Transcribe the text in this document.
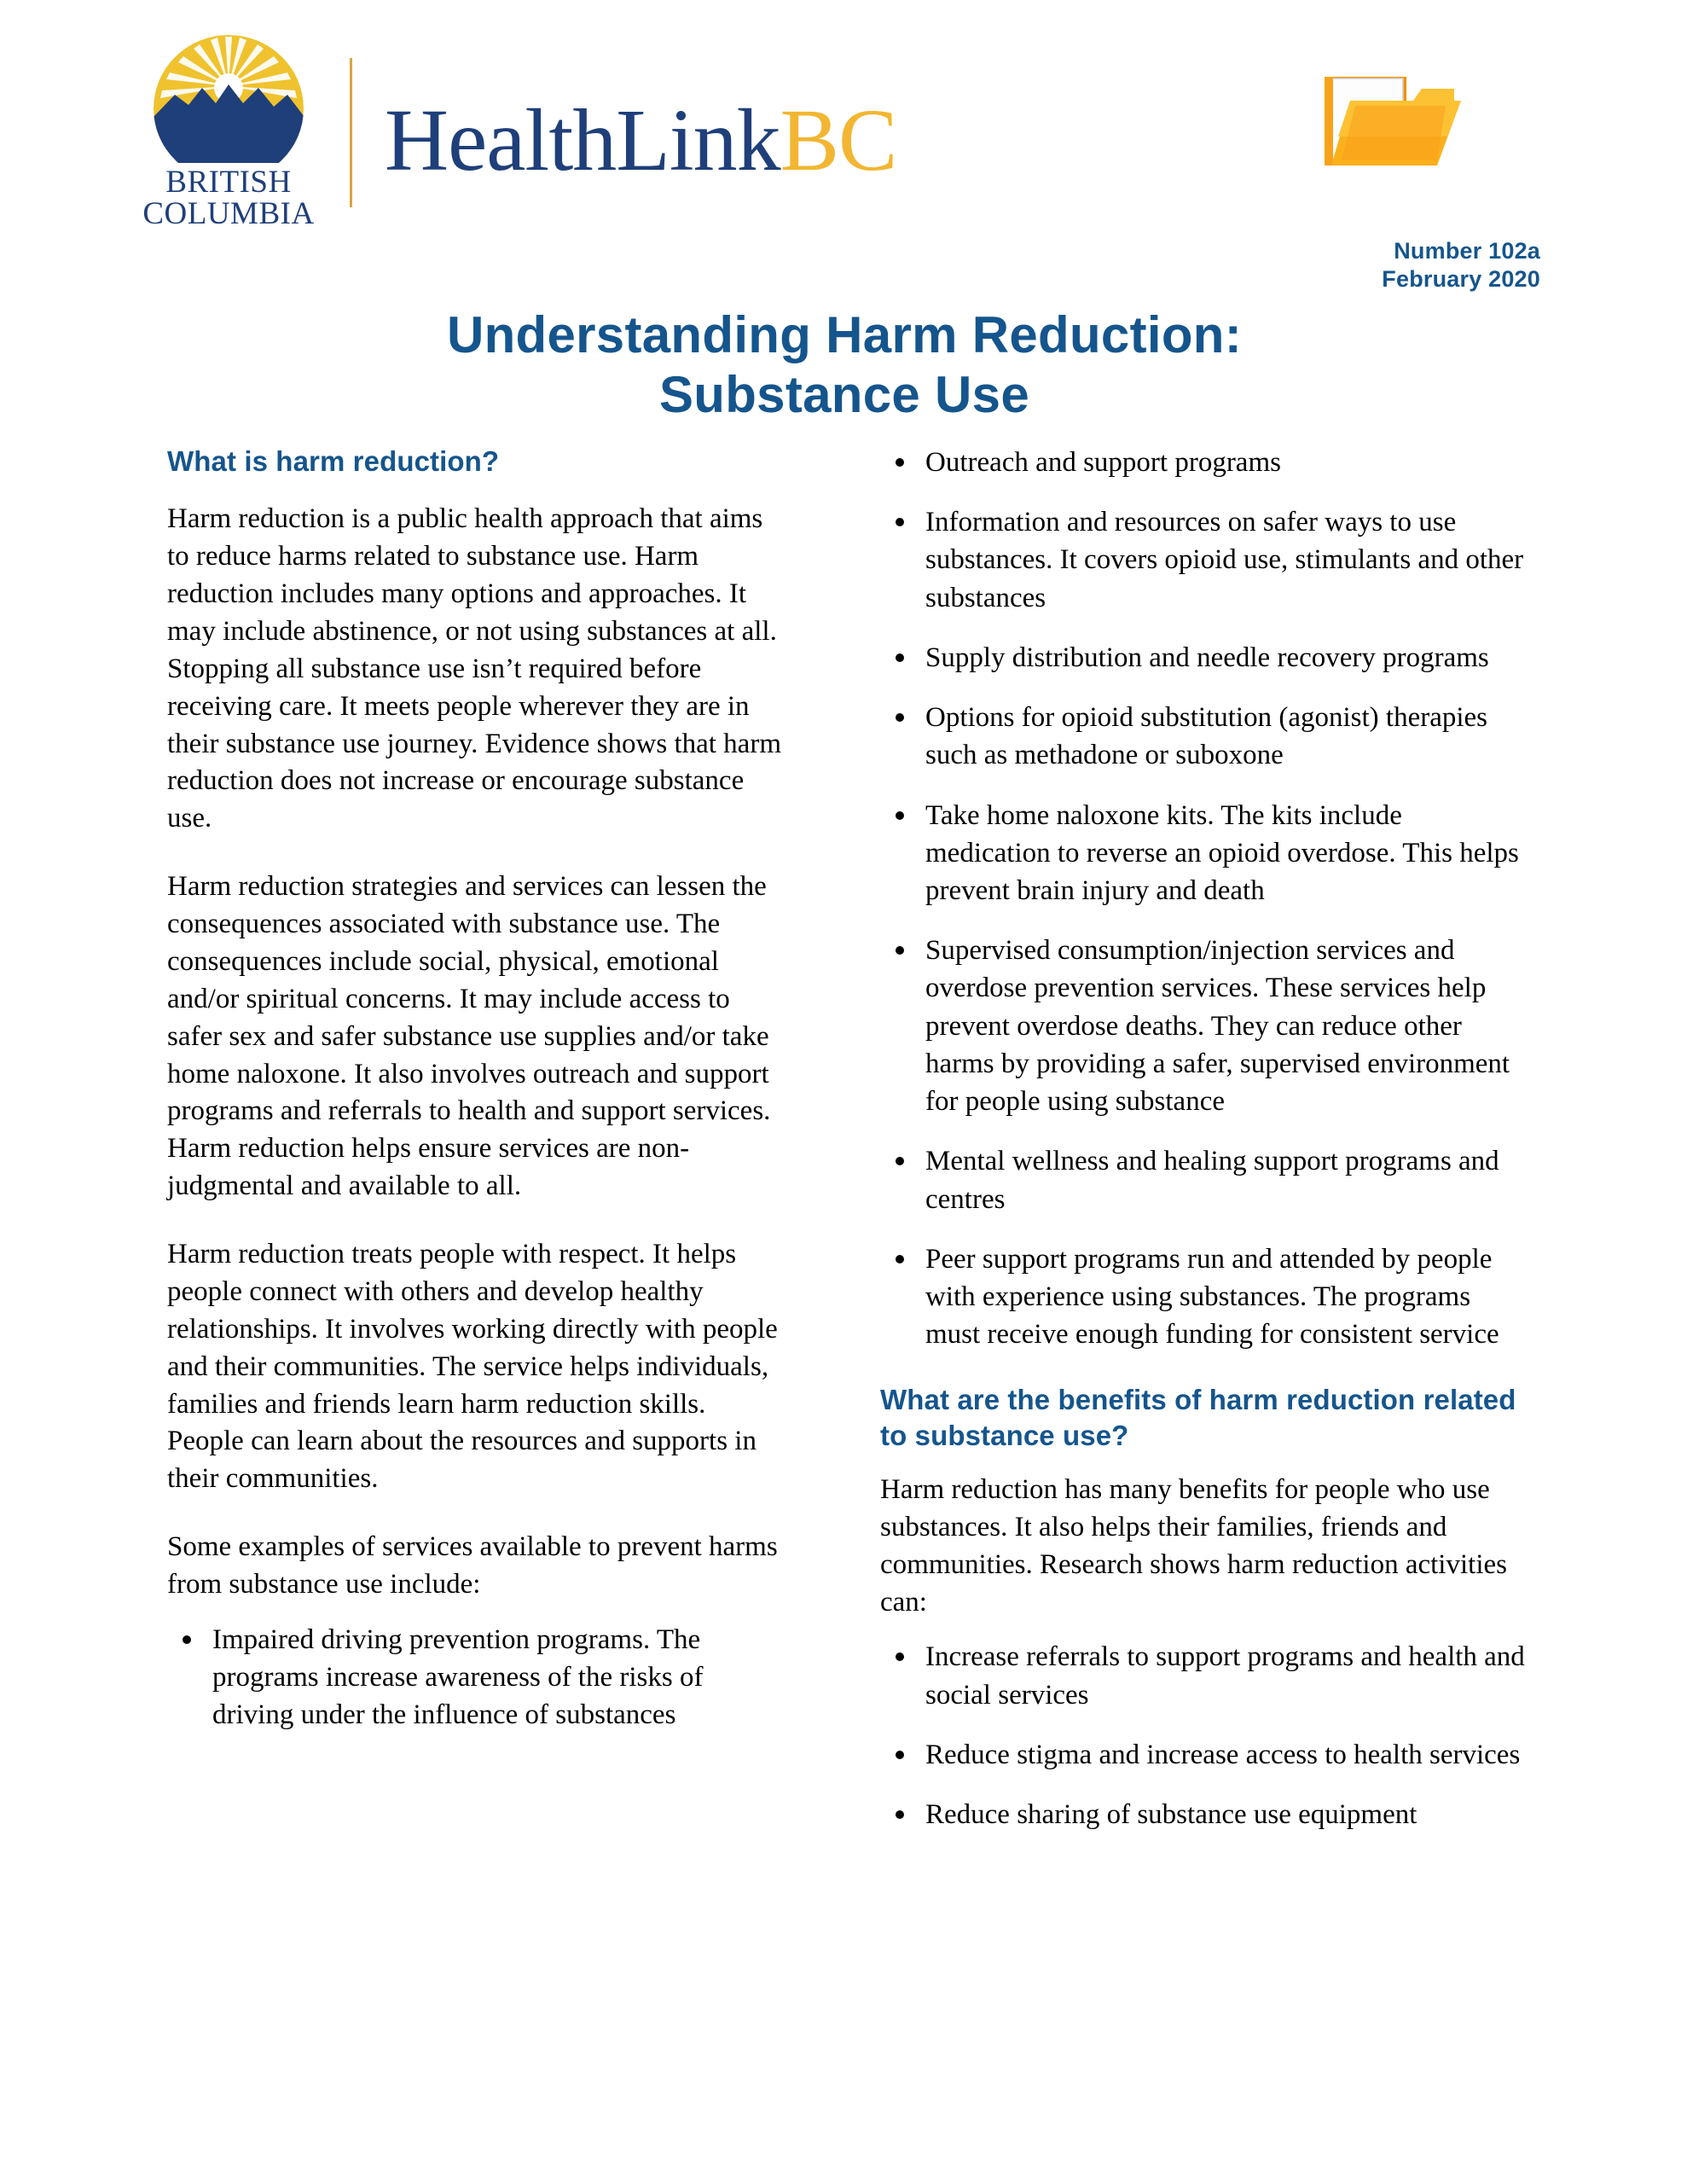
BRITISH
COLUMBIA
HealthLinkBC
Number 102a
February 2020
Understanding Harm Reduction:
Substance Use
What is harm reduction?

Harm reduction is a public health approach that aims to reduce harms related to substance use. Harm reduction includes many options and approaches. It may include abstinence, or not using substances at all. Stopping all substance use isn’t required before receiving care. It meets people wherever they are in their substance use journey. Evidence shows that harm reduction does not increase or encourage substance use.

Harm reduction strategies and services can lessen the consequences associated with substance use. The consequences include social, physical, emotional and/or spiritual concerns. It may include access to safer sex and safer substance use supplies and/or take home naloxone. It also involves outreach and support programs and referrals to health and support services. Harm reduction helps ensure services are non-judgmental and available to all.

Harm reduction treats people with respect. It helps people connect with others and develop healthy relationships. It involves working directly with people and their communities. The service helps individuals, families and friends learn harm reduction skills. People can learn about the resources and supports in their communities.

Some examples of services available to prevent harms from substance use include:

Impaired driving prevention programs. The programs increase awareness of the risks of driving under the influence of substances
Outreach and support programs
Information and resources on safer ways to use substances. It covers opioid use, stimulants and other substances
Supply distribution and needle recovery programs
Options for opioid substitution (agonist) therapies such as methadone or suboxone
Take home naloxone kits. The kits include medication to reverse an opioid overdose. This helps prevent brain injury and death
Supervised consumption/injection services and overdose prevention services. These services help prevent overdose deaths. They can reduce other harms by providing a safer, supervised environment for people using substance
Mental wellness and healing support programs and centres
Peer support programs run and attended by people with experience using substances. The programs must receive enough funding for consistent service
What are the benefits of harm reduction related to substance use?

Harm reduction has many benefits for people who use substances. It also helps their families, friends and communities. Research shows harm reduction activities can:

Increase referrals to support programs and health and social services
Reduce stigma and increase access to health services
Reduce sharing of substance use equipment
